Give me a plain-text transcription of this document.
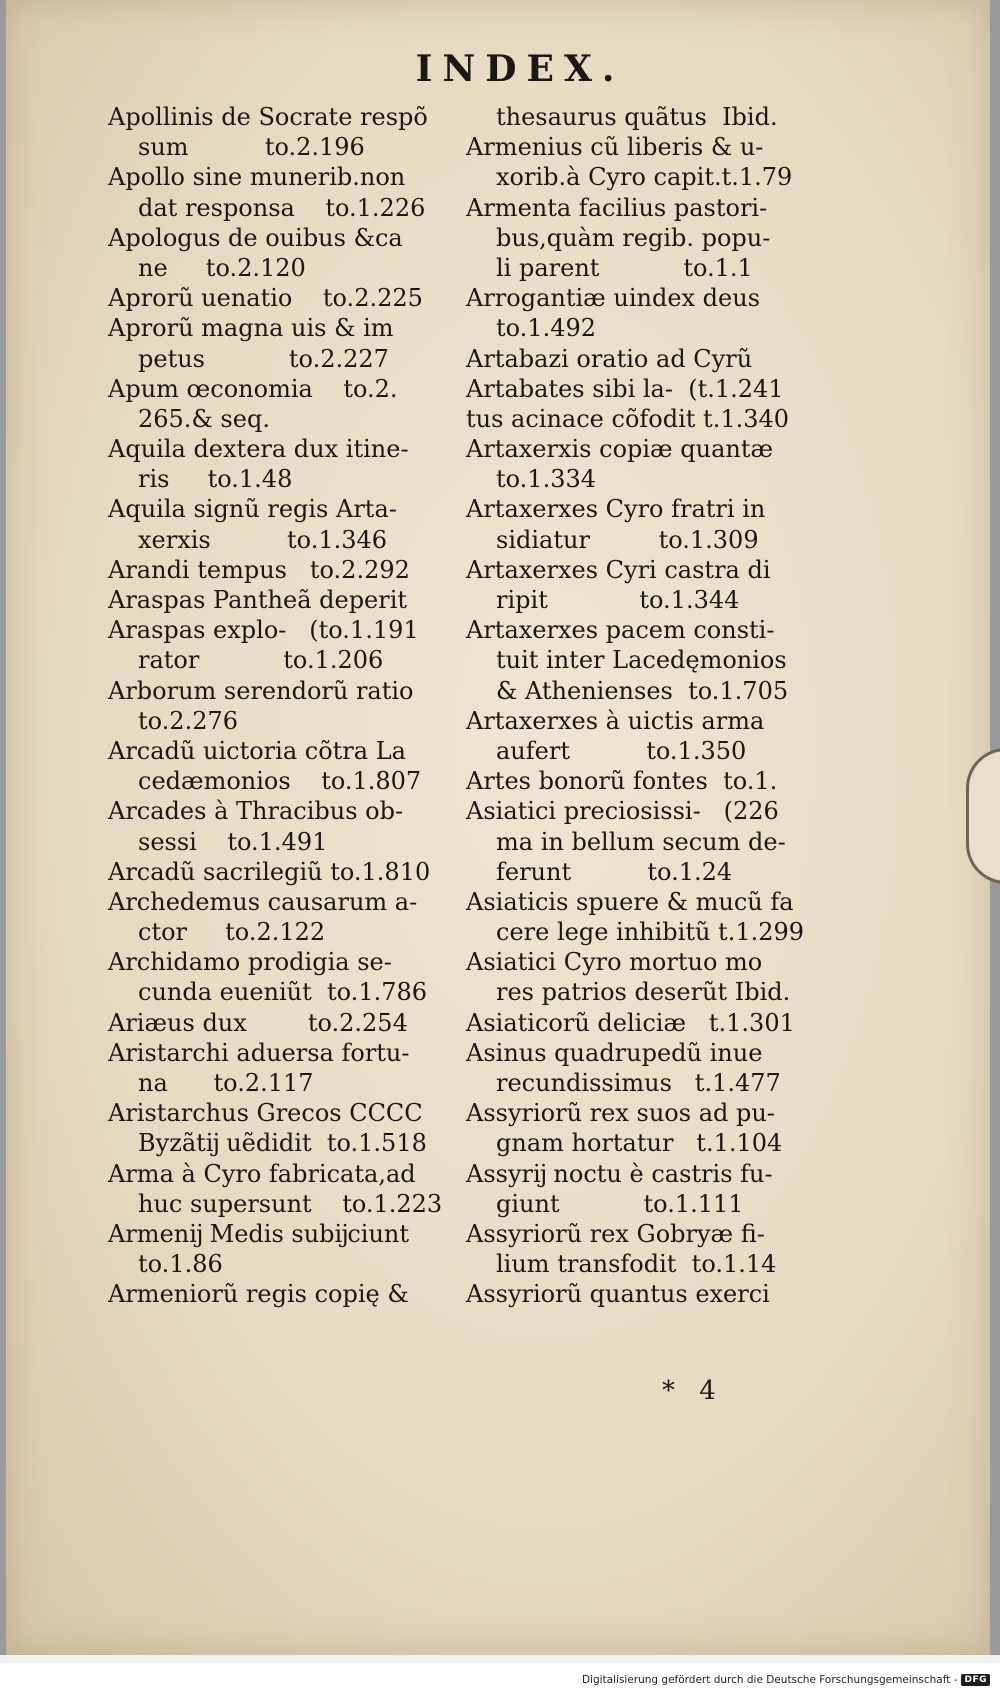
INDEX.
Apollinis de Socrate respõ
sum          to.2.196
Apollo sine munerib.non
dat responsa    to.1.226
Apologus de ouibus &ca
ne     to.2.120
Aprorũ uenatio    to.2.225
Aprorũ magna uis & im
petus           to.2.227
Apum œconomia    to.2.
265.& seq.
Aquila dextera dux itine-
ris     to.1.48
Aquila signũ regis Arta-
xerxis          to.1.346
Arandi tempus   to.2.292
Araspas Pantheã deperit
Araspas explo-   (to.1.191
rator           to.1.206
Arborum serendorũ ratio
to.2.276
Arcadũ uictoria cõtra La
cedæmonios    to.1.807
Arcades à Thracibus ob-
sessi    to.1.491
Arcadũ sacrilegiũ to.1.810
Archedemus causarum a-
ctor     to.2.122
Archidamo prodigia se-
cunda eueniũt  to.1.786
Ariæus dux        to.2.254
Aristarchi aduersa fortu-
na      to.2.117
Aristarchus Grecos CCCC
Byzãtĳ uẽdidit  to.1.518
Arma à Cyro fabricata,ad
huc supersunt    to.1.223
Armenĳ Medis subĳciunt
to.1.86
Armeniorũ regis copię &
thesaurus quãtus  Ibid.
Armenius cũ liberis & u-
xorib.à Cyro capit.t.1.79
Armenta facilius pastori-
bus,quàm regib. popu-
li parent           to.1.1
Arrogantiæ uindex deus
to.1.492
Artabazi oratio ad Cyrũ
Artabates sibi la-  (t.1.241
tus acinace cõfodit t.1.340
Artaxerxis copiæ quantæ
to.1.334
Artaxerxes Cyro fratri in
sidiatur         to.1.309
Artaxerxes Cyri castra di
ripit            to.1.344
Artaxerxes pacem consti-
tuit inter Lacedęmonios
& Athenienses  to.1.705
Artaxerxes à uictis arma
aufert          to.1.350
Artes bonorũ fontes  to.1.
Asiatici preciosissi-   (226
ma in bellum secum de-
ferunt          to.1.24
Asiaticis spuere & mucũ fa
cere lege inhibitũ t.1.299
Asiatici Cyro mortuo mo
res patrios deserũt Ibid.
Asiaticorũ deliciæ   t.1.301
Asinus quadrupedũ inue
recundissimus   t.1.477
Assyriorũ rex suos ad pu-
gnam hortatur   t.1.104
Assyrĳ noctu è castris fu-
giunt           to.1.111
Assyriorũ rex Gobryæ fi-
lium transfodit  to.1.14
Assyriorũ quantus exerci
* 4
Digitalisierung gefördert durch die Deutsche Forschungsgemeinschaft - DFG
